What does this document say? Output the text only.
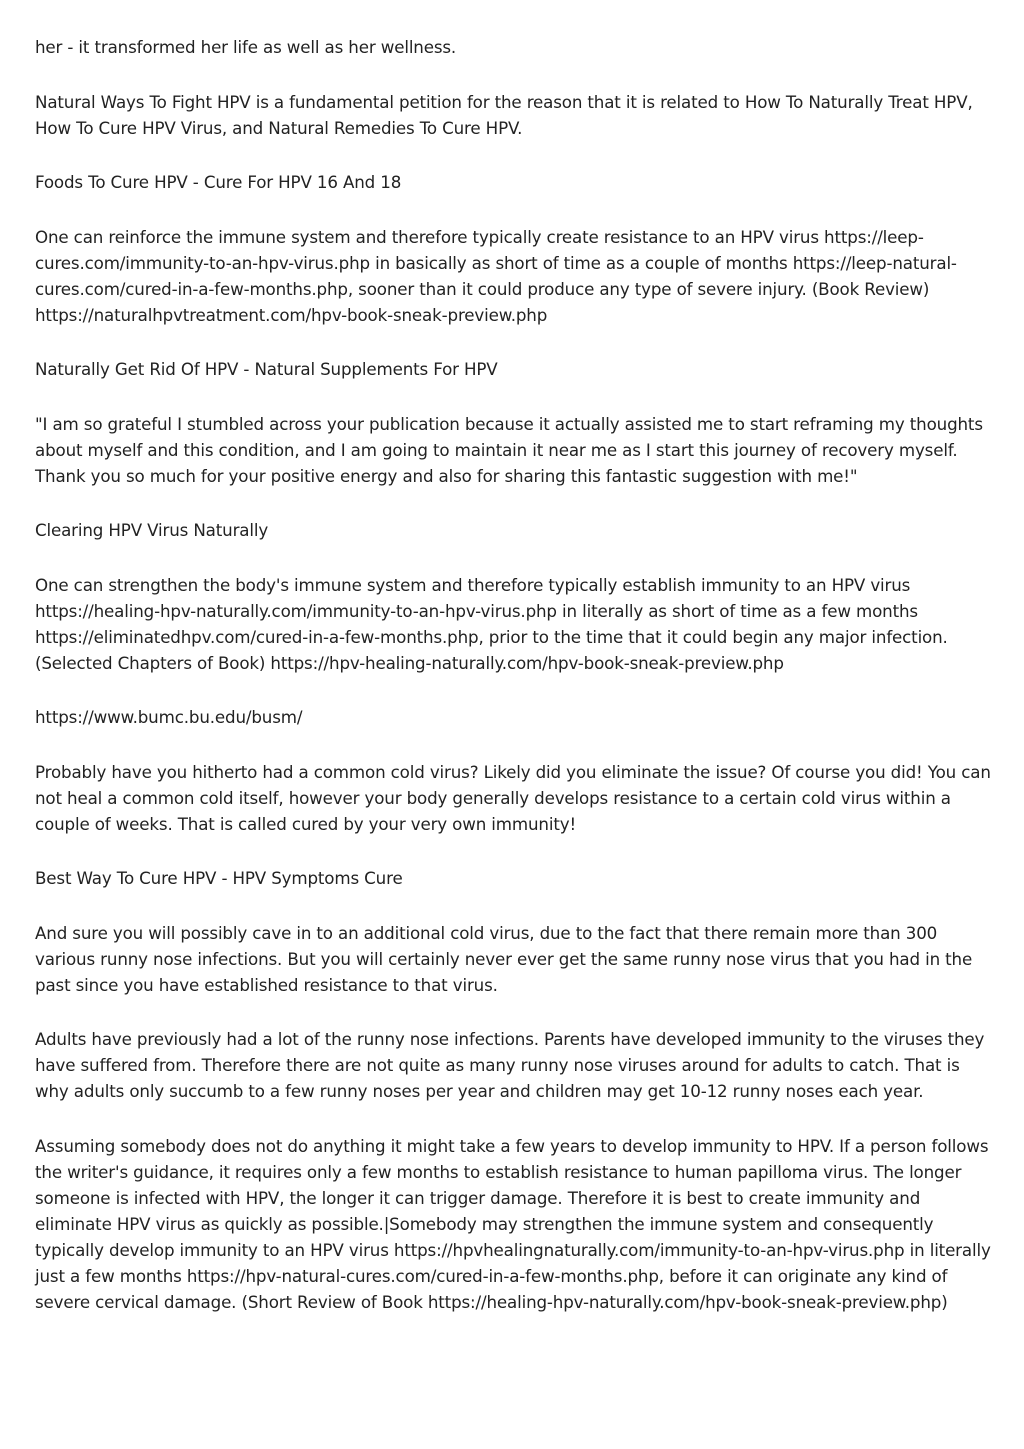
her - it transformed her life as well as her wellness.

Natural Ways To Fight HPV is a fundamental petition for the reason that it is related to How To Naturally Treat HPV, How To Cure HPV Virus, and Natural Remedies To Cure HPV.

Foods To Cure HPV - Cure For HPV 16 And 18

One can reinforce the immune system and therefore typically create resistance to an HPV virus https://leep-cures.com/immunity-to-an-hpv-virus.php in basically as short of time as a couple of months https://leep-natural-cures.com/cured-in-a-few-months.php, sooner than it could produce any type of severe injury. (Book Review) https://naturalhpvtreatment.com/hpv-book-sneak-preview.php

Naturally Get Rid Of HPV - Natural Supplements For HPV

"I am so grateful I stumbled across your publication because it actually assisted me to start reframing my thoughts about myself and this condition, and I am going to maintain it near me as I start this journey of recovery myself. Thank you so much for your positive energy and also for sharing this fantastic suggestion with me!"

Clearing HPV Virus Naturally

One can strengthen the body's immune system and therefore typically establish immunity to an HPV virus https://healing-hpv-naturally.com/immunity-to-an-hpv-virus.php in literally as short of time as a few months https://eliminatedhpv.com/cured-in-a-few-months.php, prior to the time that it could begin any major infection. (Selected Chapters of Book) https://hpv-healing-naturally.com/hpv-book-sneak-preview.php

https://www.bumc.bu.edu/busm/

Probably have you hitherto had a common cold virus? Likely did you eliminate the issue? Of course you did! You can not heal a common cold itself, however your body generally develops resistance to a certain cold virus within a couple of weeks. That is called cured by your very own immunity!

Best Way To Cure HPV - HPV Symptoms Cure

And sure you will possibly cave in to an additional cold virus, due to the fact that there remain more than 300 various runny nose infections. But you will certainly never ever get the same runny nose virus that you had in the past since you have established resistance to that virus.

Adults have previously had a lot of the runny nose infections. Parents have developed immunity to the viruses they have suffered from. Therefore there are not quite as many runny nose viruses around for adults to catch. That is why adults only succumb to a few runny noses per year and children may get 10-12 runny noses each year.

Assuming somebody does not do anything it might take a few years to develop immunity to HPV. If a person follows the writer's guidance, it requires only a few months to establish resistance to human papilloma virus. The longer someone is infected with HPV, the longer it can trigger damage. Therefore it is best to create immunity and eliminate HPV virus as quickly as possible.|Somebody may strengthen the immune system and consequently typically develop immunity to an HPV virus https://hpvhealingnaturally.com/immunity-to-an-hpv-virus.php in literally just a few months https://hpv-natural-cures.com/cured-in-a-few-months.php, before it can originate any kind of severe cervical damage. (Short Review of Book https://healing-hpv-naturally.com/hpv-book-sneak-preview.php)
